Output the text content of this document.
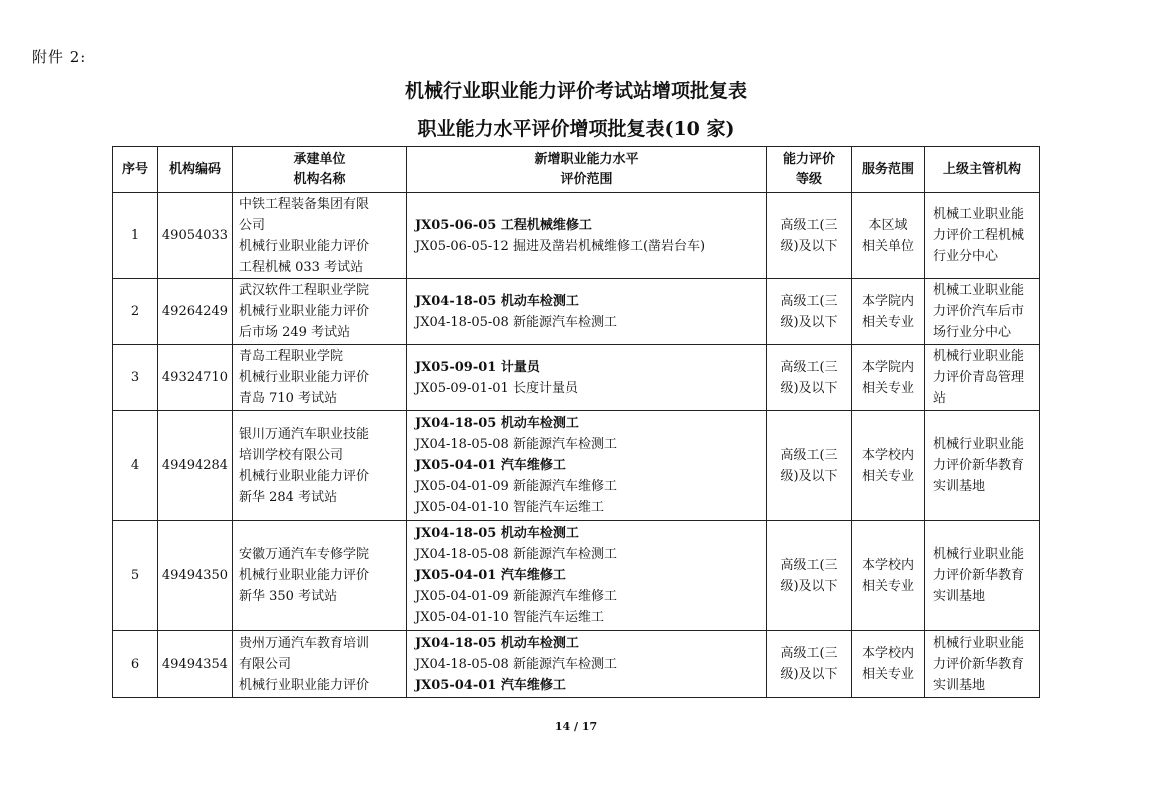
附件 2:
机械行业职业能力评价考试站增项批复表
职业能力水平评价增项批复表(10 家)
序号	机构编码	承建单位
机构名称	新增职业能力水平
评价范围	能力评价
等级	服务范围	上级主管机构
1	49054033	中铁工程装备集团有限
公司
机械行业职业能力评价
工程机械 033 考试站	JX05-06-05 工程机械维修工
JX05-06-05-12 掘进及凿岩机械维修工(凿岩台车)	高级工(三
级)及以下	本区域
相关单位	机械工业职业能
力评价工程机械
行业分中心

2	49264249	武汉软件工程职业学院
机械行业职业能力评价
后市场 249 考试站	JX04-18-05 机动车检测工
JX04-18-05-08 新能源汽车检测工	高级工(三
级)及以下	本学院内
相关专业	机械工业职业能
力评价汽车后市
场行业分中心

3	49324710	青岛工程职业学院
机械行业职业能力评价
青岛 710 考试站	JX05-09-01 计量员
JX05-09-01-01 长度计量员	高级工(三
级)及以下	本学院内
相关专业	机械行业职业能
力评价青岛管理
站

4	49494284	银川万通汽车职业技能
培训学校有限公司
机械行业职业能力评价
新华 284 考试站	JX04-18-05 机动车检测工
JX04-18-05-08 新能源汽车检测工
JX05-04-01 汽车维修工
JX05-04-01-09 新能源汽车维修工
JX05-04-01-10 智能汽车运维工	高级工(三
级)及以下	本学校内
相关专业	机械行业职业能
力评价新华教育
实训基地

5	49494350	安徽万通汽车专修学院
机械行业职业能力评价
新华 350 考试站	JX04-18-05 机动车检测工
JX04-18-05-08 新能源汽车检测工
JX05-04-01 汽车维修工
JX05-04-01-09 新能源汽车维修工
JX05-04-01-10 智能汽车运维工	高级工(三
级)及以下	本学校内
相关专业	机械行业职业能
力评价新华教育
实训基地

6	49494354	贵州万通汽车教育培训
有限公司
机械行业职业能力评价	JX04-18-05 机动车检测工
JX04-18-05-08 新能源汽车检测工
JX05-04-01 汽车维修工	高级工(三
级)及以下	本学校内
相关专业	机械行业职业能
力评价新华教育
实训基地
14 / 17
